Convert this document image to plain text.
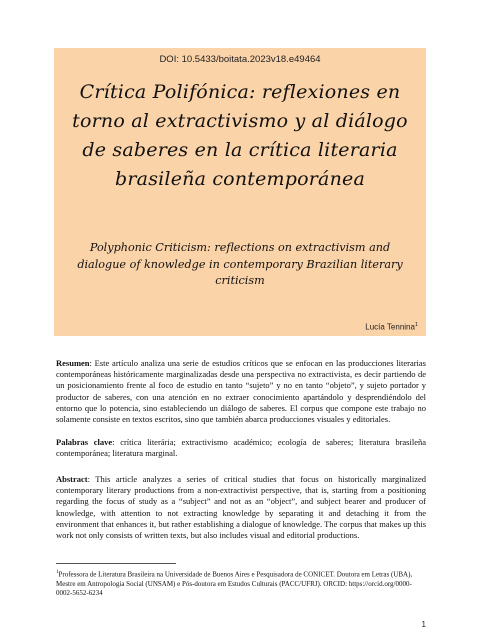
DOI: 10.5433/boitata.2023v18.e49464
Crítica Polifónica: reflexiones en torno al extractivismo y al diálogo de saberes en la crítica literaria brasileña contemporánea
Polyphonic Criticism: reflections on extractivism and dialogue of knowledge in contemporary Brazilian literary criticism
Lucía Tennina$^1$
Resumen: Este artículo analiza una serie de estudios críticos que se enfocan en las producciones literarias contemporáneas históricamente marginalizadas desde una perspectiva no extractivista, es decir partiendo de un posicionamiento frente al foco de estudio en tanto “sujeto” y no en tanto “objeto”, y sujeto portador y productor de saberes, con una atención en no extraer conocimiento apartándolo y desprendiéndolo del entorno que lo potencia, sino estableciendo un diálogo de saberes. El corpus que compone este trabajo no solamente consiste en textos escritos, sino que también abarca producciones visuales y editoriales.
Palabras clave: crítica literária; extractivismo académico; ecología de saberes; literatura brasileña contemporánea; literatura marginal.
Abstract: This article analyzes a series of critical studies that focus on historically marginalized contemporary literary productions from a non-extractivist perspective, that is, starting from a positioning regarding the focus of study as a “subject” and not as an “object”, and subject bearer and producer of knowledge, with attention to not extracting knowledge by separating it and detaching it from the environment that enhances it, but rather establishing a dialogue of knowledge. The corpus that makes up this work not only consists of written texts, but also includes visual and editorial productions.
$^1$Professora de Literatura Brasileira na Universidade de Buenos Aires e Pesquisadora de CONICET. Doutora em Letras (UBA), Mestre em Antropologia Social (UNSAM) e Pós-doutora em Estudos Culturais (PACC/UFRJ). ORCID: https://orcid.org/0000-0002-5652-6234
1
